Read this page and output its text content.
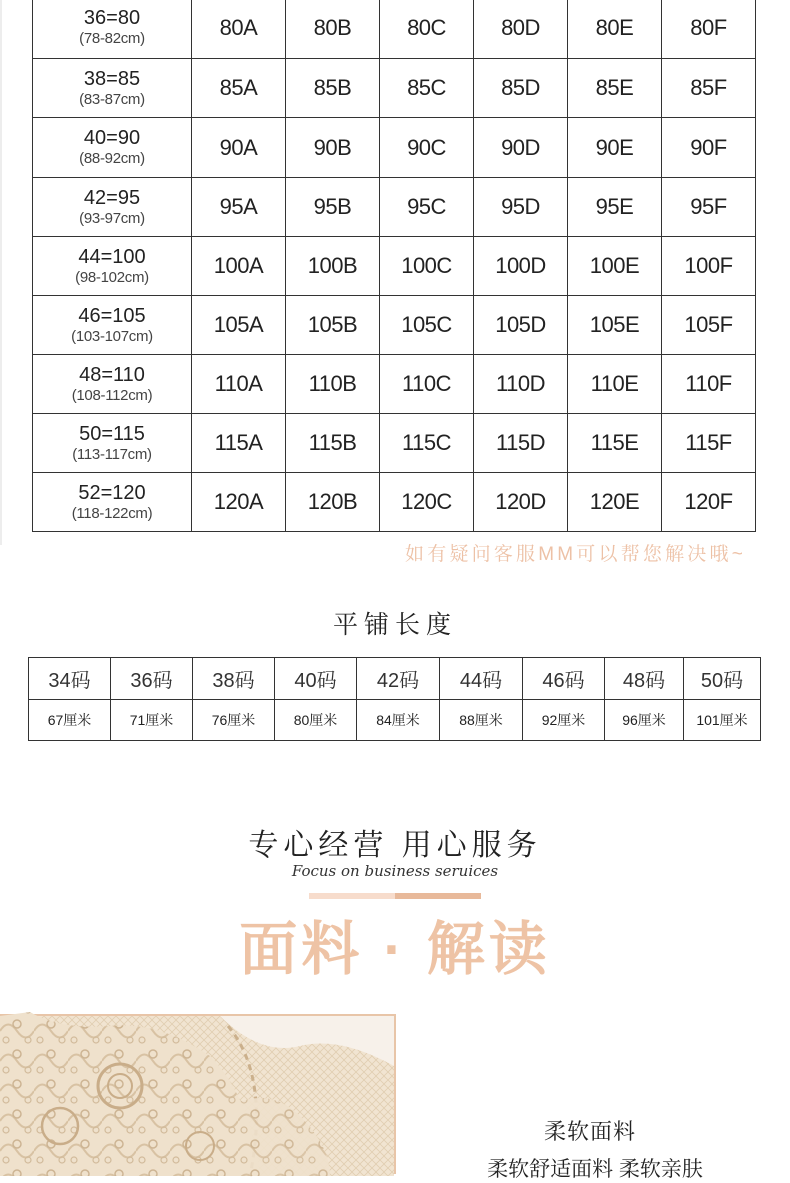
36=80
(78-82cm)	80A	80B	80C	80D	80E	80F

38=85
(83-87cm)	85A	85B	85C	85D	85E	85F

40=90
(88-92cm)	90A	90B	90C	90D	90E	90F

42=95
(93-97cm)	95A	95B	95C	95D	95E	95F

44=100
(98-102cm)	100A	100B	100C	100D	100E	100F

46=105
(103-107cm)	105A	105B	105C	105D	105E	105F

48=110
(108-112cm)	110A	110B	110C	110D	110E	110F

50=115
(113-117cm)	115A	115B	115C	115D	115E	115F

52=120
(118-122cm)	120A	120B	120C	120D	120E	120F
如有疑问客服MM可以帮您解决哦~
平铺长度
34码	36码	38码	40码	42码	44码	46码	48码	50码
67厘米	71厘米	76厘米	80厘米	84厘米	88厘米	92厘米	96厘米	101厘米
专心经营 用心服务
Focus on business seruices
面料 · 解读
柔软面料
柔软舒适面料 柔软亲肤
